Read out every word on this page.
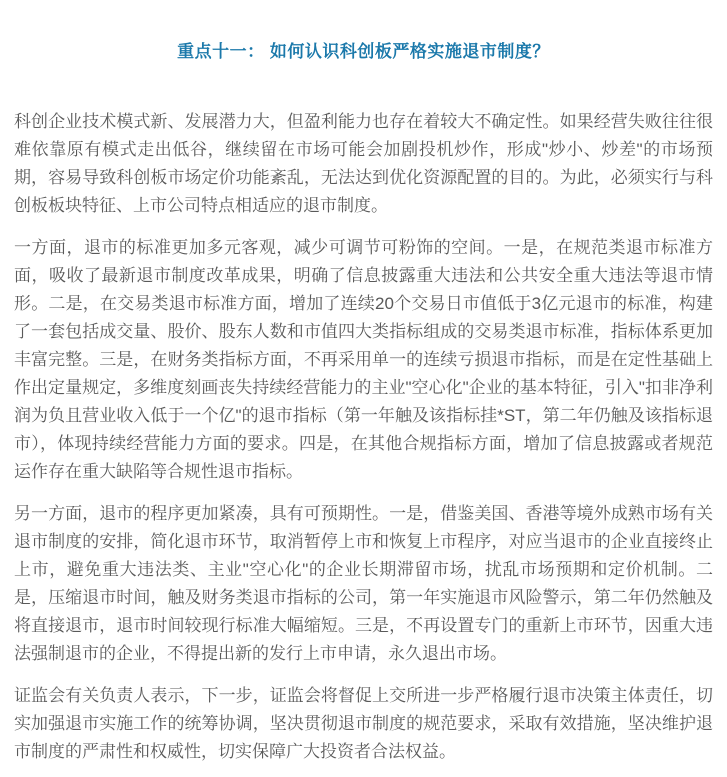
重点十一： 如何认识科创板严格实施退市制度？

科创企业技术模式新、发展潜力大，但盈利能力也存在着较大不确定性。如果经营失败往往很难依靠原有模式走出低谷，继续留在市场可能会加剧投机炒作，形成"炒小、炒差"的市场预期，容易导致科创板市场定价功能紊乱，无法达到优化资源配置的目的。为此，必须实行与科创板板块特征、上市公司特点相适应的退市制度。

一方面，退市的标准更加多元客观，减少可调节可粉饰的空间。一是，在规范类退市标准方面，吸收了最新退市制度改革成果，明确了信息披露重大违法和公共安全重大违法等退市情形。二是，在交易类退市标准方面，增加了连续20个交易日市值低于3亿元退市的标准，构建了一套包括成交量、股价、股东人数和市值四大类指标组成的交易类退市标准，指标体系更加丰富完整。三是，在财务类指标方面，不再采用单一的连续亏损退市指标，而是在定性基础上作出定量规定，多维度刻画丧失持续经营能力的主业"空心化"企业的基本特征，引入"扣非净利润为负且营业收入低于一个亿"的退市指标（第一年触及该指标挂*ST，第二年仍触及该指标退市），体现持续经营能力方面的要求。四是，在其他合规指标方面，增加了信息披露或者规范运作存在重大缺陷等合规性退市指标。

另一方面，退市的程序更加紧凑，具有可预期性。一是，借鉴美国、香港等境外成熟市场有关退市制度的安排，简化退市环节，取消暂停上市和恢复上市程序，对应当退市的企业直接终止上市，避免重大违法类、主业"空心化"的企业长期滞留市场，扰乱市场预期和定价机制。二是，压缩退市时间，触及财务类退市指标的公司，第一年实施退市风险警示，第二年仍然触及将直接退市，退市时间较现行标准大幅缩短。三是，不再设置专门的重新上市环节，因重大违法强制退市的企业，不得提出新的发行上市申请，永久退出市场。

证监会有关负责人表示，下一步，证监会将督促上交所进一步严格履行退市决策主体责任，切实加强退市实施工作的统筹协调，坚决贯彻退市制度的规范要求，采取有效措施，坚决维护退市制度的严肃性和权威性，切实保障广大投资者合法权益。
